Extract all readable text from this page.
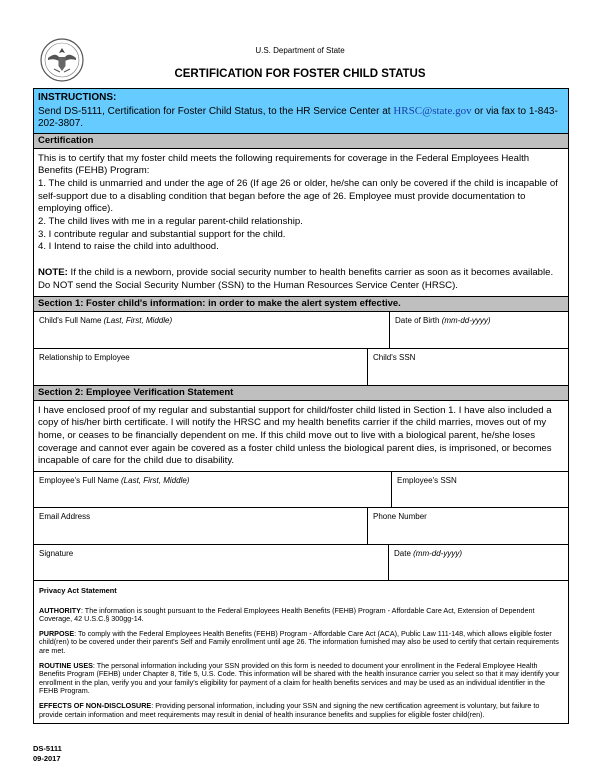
U.S. Department of State
CERTIFICATION FOR FOSTER CHILD STATUS
INSTRUCTIONS:
Send DS-5111, Certification for Foster Child Status, to the HR Service Center at HRSC@state.gov or via fax to 1-843-202-3807.
Certification

This is to certify that my foster child meets the following requirements for coverage in the Federal Employees Health Benefits (FEHB) Program:

1. The child is unmarried and under the age of 26 (If age 26 or older, he/she can only be covered if the child is incapable of self-support due to a disabling condition that began before the age of 26. Employee must provide documentation to employing office).

2. The child lives with me in a regular parent-child relationship.

3. I contribute regular and substantial support for the child.

4. I Intend to raise the child into adulthood.

NOTE: If the child is a newborn, provide social security number to health benefits carrier as soon as it becomes available. Do NOT send the Social Security Number (SSN) to the Human Resources Service Center (HRSC).

Section 1: Foster child's information: in order to make the alert system effective.
Child's Full Name (Last, First, Middle)	Date of Birth (mm-dd-yyyy)
Relationship to Employee	Child's SSN
Section 2: Employee Verification Statement
I have enclosed proof of my regular and substantial support for child/foster child listed in Section 1. I have also included a copy of his/her birth certificate. I will notify the HRSC and my health benefits carrier if the child marries, moves out of my home, or ceases to be financially dependent on me. If this child move out to live with a biological parent, he/she loses coverage and cannot ever again be covered as a foster child unless the biological parent dies, is imprisoned, or becomes incapable of care for the child due to disability.
Employee's Full Name (Last, First, Middle)	Employee's SSN
Email Address	Phone Number
Signature	Date (mm-dd-yyyy)

Privacy Act Statement

AUTHORITY: The information is sought pursuant to the Federal Employees Health Benefits (FEHB) Program - Affordable Care Act, Extension of Dependent Coverage, 42 U.S.C.§ 300gg-14.

PURPOSE: To comply with the Federal Employees Health Benefits (FEHB) Program - Affordable Care Act (ACA), Public Law 111-148, which allows eligible foster child(ren) to be covered under their parent's Self and Family enrollment until age 26. The information furnished may also be used to certify that certain requirements are met.

ROUTINE USES: The personal information including your SSN provided on this form is needed to document your enrollment in the Federal Employee Health Benefits Program (FEHB) under Chapter 8, Title 5, U.S. Code. This information will be shared with the health insurance carrier you select so that it may identify your enrollment in the plan, verify you and your family's eligibility for payment of a claim for health benefits services and may be used as an individual identifier in the FEHB Program.

EFFECTS OF NON-DISCLOSURE: Providing personal information, including your SSN and signing the new certification agreement is voluntary, but failure to provide certain information and meet requirements may result in denial of health insurance benefits and supplies for eligible foster child(ren).

DS-5111
09-2017
